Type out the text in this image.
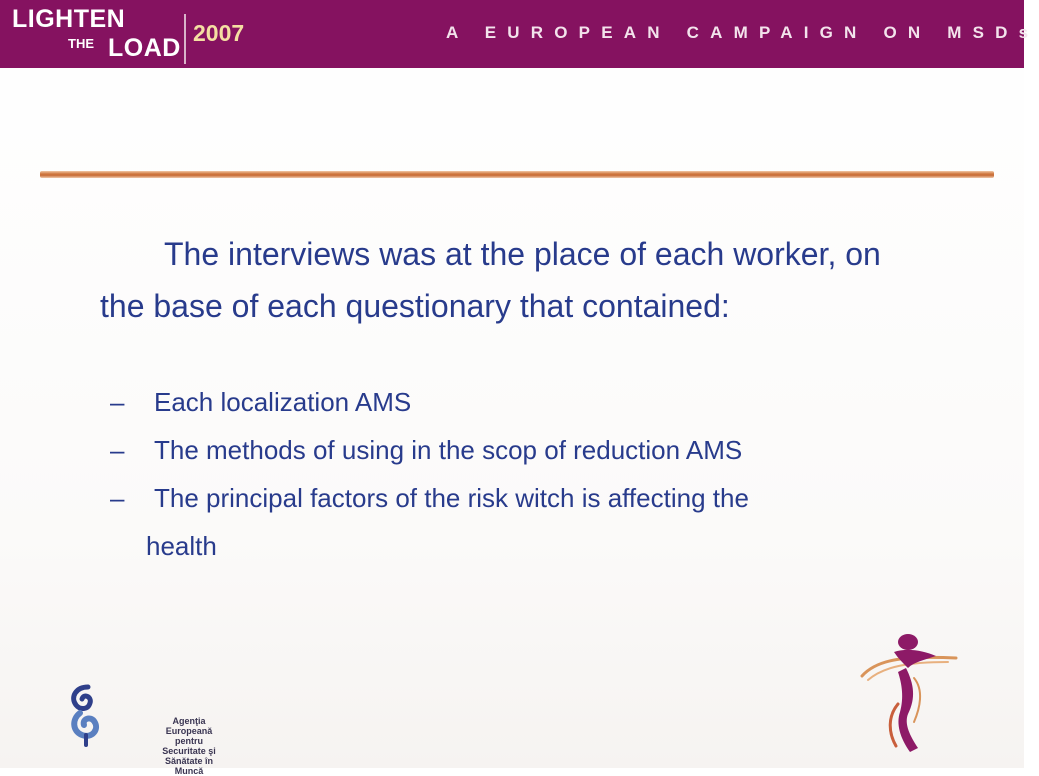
LIGHTEN
THE LOAD
2007	A EUROPEAN CAMPAIGN ON MSDs

The interviews was at the place of each worker, on the base of each questionary that contained:

–	Each localization AMS
–	The methods of using in the scop of reduction AMS
–	The principal factors of the risk witch is affecting the
health
Agenţia Europeană
pentru Securitate şi
Sănătate în Muncă
